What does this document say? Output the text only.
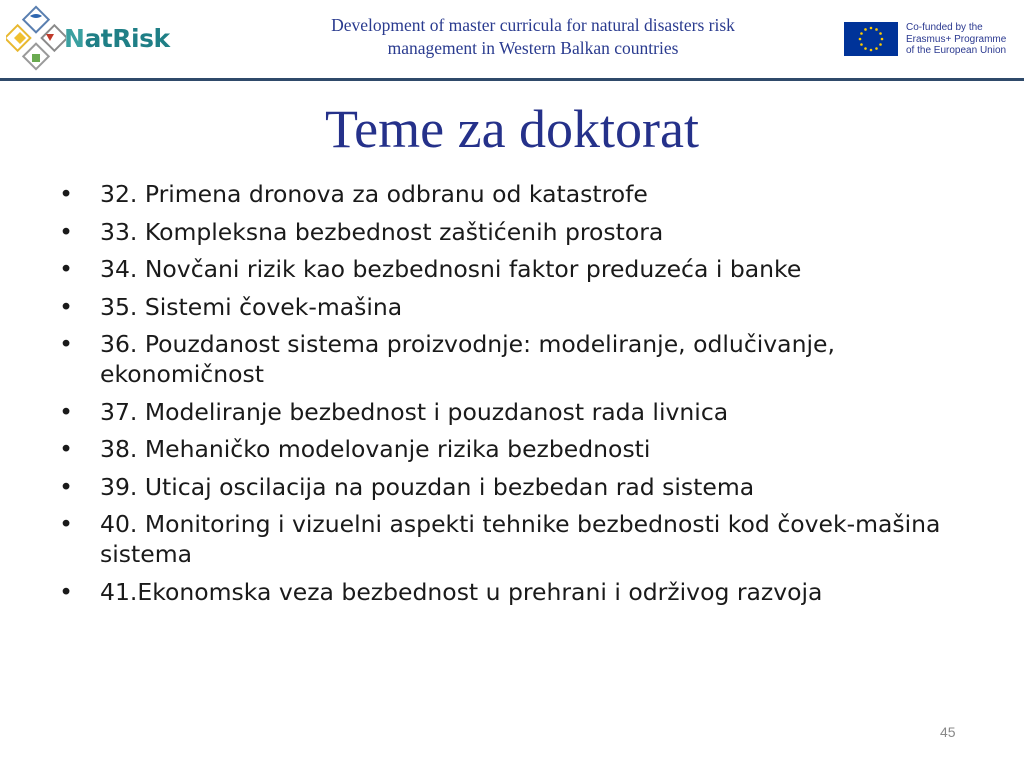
NatRisk	Development of master curricula for natural disasters risk
management in Western Balkan countries
Co-funded by the
Erasmus+ Programme
of the European Union
Teme za doktorat
• 32. Primena dronova za odbranu od katastrofe
• 33. Kompleksna bezbednost zaštićenih prostora
• 34. Novčani rizik kao bezbednosni faktor preduzeća i banke
• 35. Sistemi čovek-mašina
• 36. Pouzdanost sistema proizvodnje: modeliranje, odlučivanje, ekonomičnost
• 37. Modeliranje bezbednost i pouzdanost rada livnica
• 38. Mehaničko modelovanje rizika bezbednosti
• 39. Uticaj oscilacija na pouzdan i bezbedan rad sistema
• 40. Monitoring i vizuelni aspekti tehnike bezbednosti kod čovek-mašina sistema
• 41.Ekonomska veza bezbednost u prehrani i održivog razvoja
45
